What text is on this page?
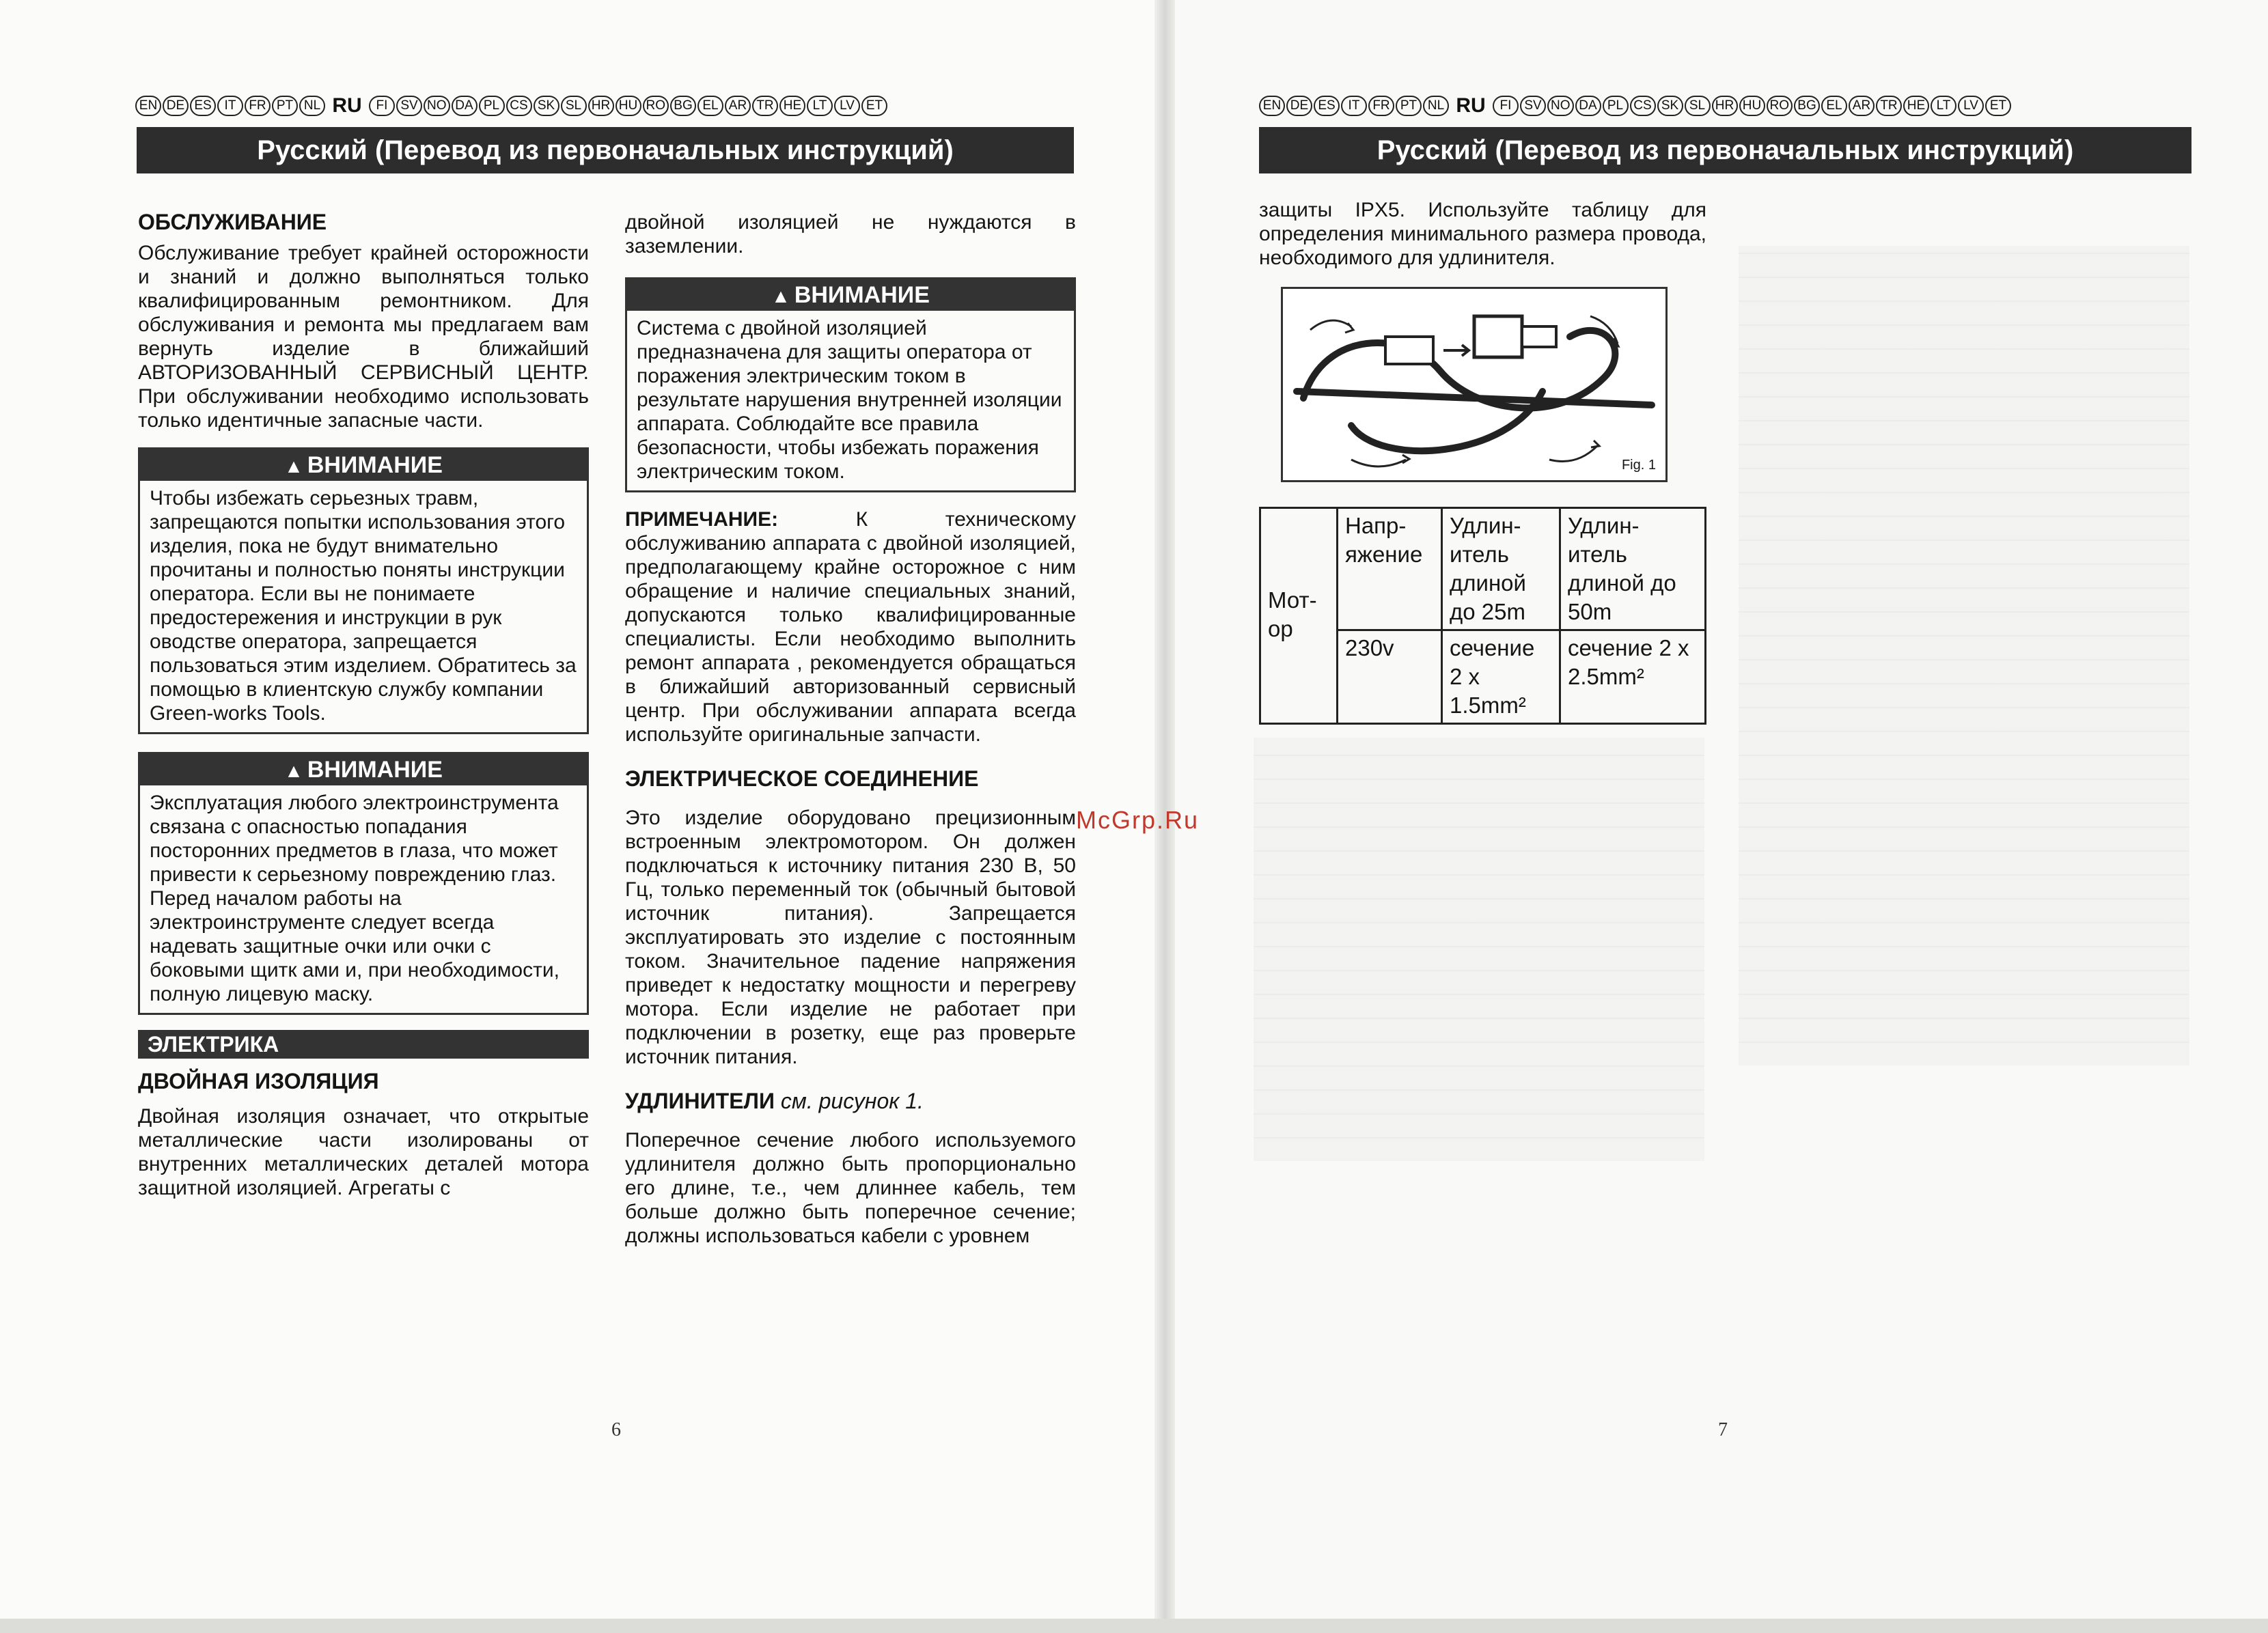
EN DE ES IT FR PT NL RU	FI SV NO DA PL CS SK SL HR HU RO BG EL AR TR HE LT LV ET
Русский (Перевод из первоначальных инструкций)
EN DE ES IT FR PT NL RU	FI SV NO DA PL CS SK SL HR HU RO BG EL AR TR HE LT LV ET
Русский (Перевод из первоначальных инструкций)
ОБСЛУЖИВАНИЕ

Обслуживание требует крайней осторожности и знаний и должно выполняться только квалифицированным ремонтником. Для обслуживания и ремонта мы предлагаем вам вернуть изделие в ближайший АВТОРИЗОВАННЫЙ СЕРВИСНЫЙ ЦЕНТР. При обслуживании необходимо использовать только идентичные запасные части.

▲ ВНИМАНИЕ
Чтобы избежать серьезных травм, запрещаются попытки использования этого изделия, пока не будут внимательно прочитаны и полностью поняты инструкции оператора. Если вы не понимаете предостережения и инструкции в рук оводстве оператора, запрещается пользоваться этим изделием. Обратитесь за помощью в клиентскую службу компании Green-works Tools.
▲ ВНИМАНИЕ
Эксплуатация любого электроинструмента связана с опасностью попадания посторонних предметов в глаза, что может привести к серьезному повреждению глаз. Перед началом работы на электроинструменте следует всегда надевать защитные очки или очки с боковыми щитк ами и, при необходимости, полную лицевую маску.
ЭЛЕКТРИКА
ДВОЙНАЯ ИЗОЛЯЦИЯ

Двойная изоляция означает, что открытые металлические части изолированы от внутренних металлических деталей мотора защитной изоляцией. Агрегаты с

двойной изоляцией не нуждаются в заземлении.

▲ ВНИМАНИЕ
Система с двойной изоляцией предназначена для защиты оператора от поражения электрическим током в результате нарушения внутренней изоляции аппарата. Соблюдайте все правила безопасности, чтобы избежать поражения электрическим током.

ПРИМЕЧАНИЕ:	К техническому обслуживанию аппарата с двойной изоляцией, предполагающему крайне осторожное с ним обращение и наличие специальных знаний, допускаются только квалифицированные специалисты. Если необходимо выполнить ремонт аппарата , рекомендуется обращаться в ближайший авторизованный сервисный центр. При обслуживании аппарата всегда используйте оригинальные запчасти.

ЭЛЕКТРИЧЕСКОЕ СОЕДИНЕНИЕ

Это изделие оборудовано прецизионным встроенным электромотором. Он должен подключаться к источнику питания 230 В, 50 Гц, только переменный ток (обычный бытовой источник питания). Запрещается эксплуатировать это изделие с постоянным током. Значительное падение напряжения приведет к недостатку мощности и перегреву мотора. Если изделие не работает при подключении в розетку, еще раз проверьте источник питания.

УДЛИНИТЕЛИ см. рисунок 1.

Поперечное сечение любого используемого удлинителя должно быть пропорционально его длине, т.е., чем длиннее кабель, тем больше должно быть поперечное сечение; должны использоваться кабели с уровнем

6
защиты IPX5. Используйте таблицу для определения минимального размера провода, необходимого для удлинителя.
Fig. 1
Мот-ор	Напр-яжение	Удлин-итель длиной до 25m	Удлин-итель длиной до 50m
	230v	сечение 2 x 1.5mm²	сечение 2 x 2.5mm²
7
McGrp.Ru
